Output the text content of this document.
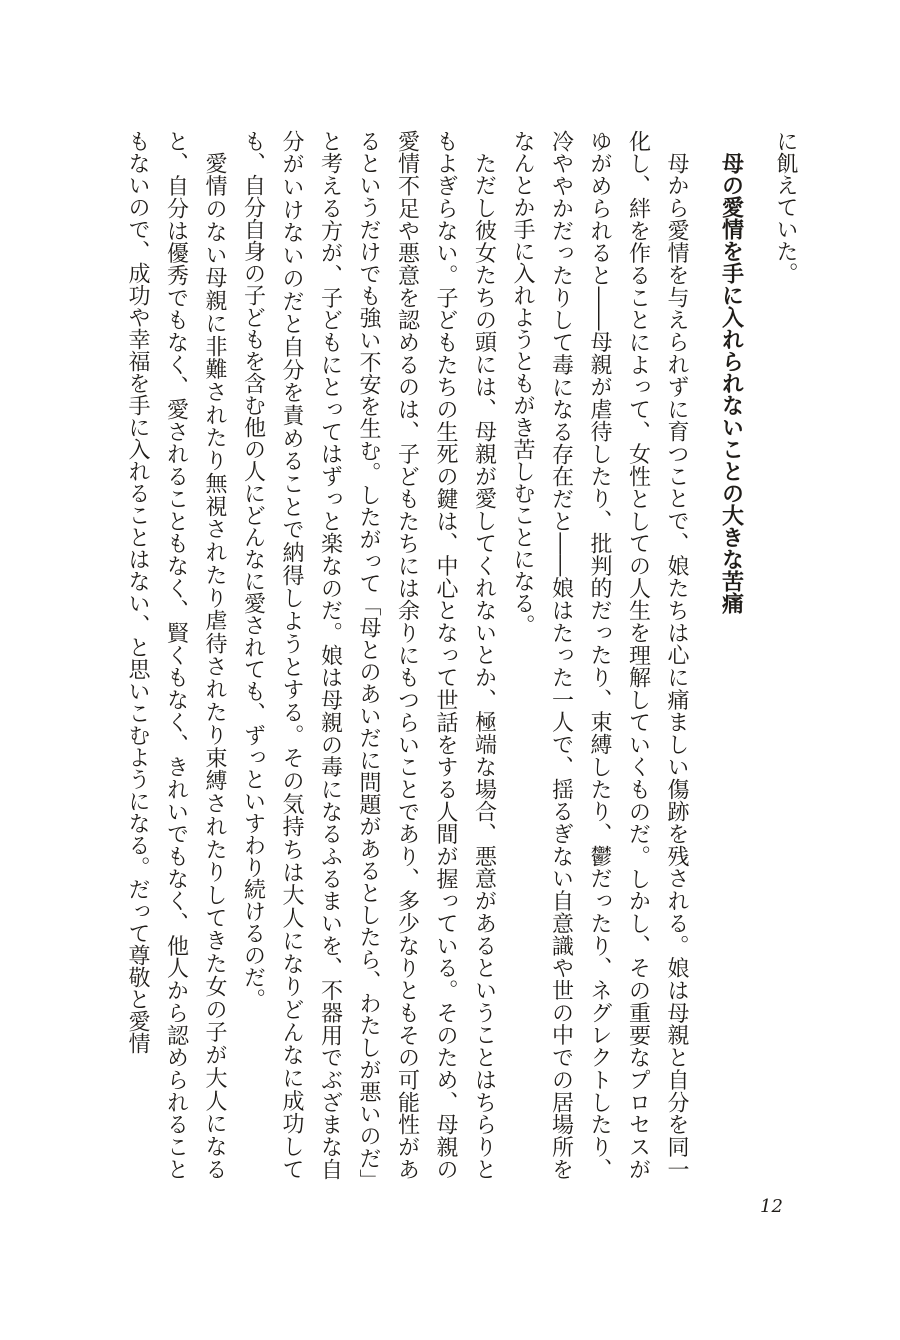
に飢えていた。

母の愛情を手に入れられないことの大きな苦痛

母から愛情を与えられずに育つことで、娘たちは心に痛ましい傷跡を残される。娘は母親と自分を同一化し、絆を作ることによって、女性としての人生を理解していくものだ。しかし、その重要なプロセスがゆがめられると――母親が虐待したり、批判的だったり、束縛したり、鬱だったり、ネグレクトしたり、冷ややかだったりして毒になる存在だと――娘はたった一人で、揺るぎない自意識や世の中での居場所をなんとか手に入れようともがき苦しむことになる。

ただし彼女たちの頭には、母親が愛してくれないとか、極端な場合、悪意があるということはちらりともよぎらない。子どもたちの生死の鍵は、中心となって世話をする人間が握っている。そのため、母親の愛情不足や悪意を認めるのは、子どもたちには余りにもつらいことであり、多少なりともその可能性があるというだけでも強い不安を生む。したがって「母とのあいだに問題があるとしたら、わたしが悪いのだ」と考える方が、子どもにとってはずっと楽なのだ。娘は母親の毒になるふるまいを、不器用でぶざまな自分がいけないのだと自分を責めることで納得しようとする。その気持ちは大人になりどんなに成功しても、自分自身の子どもを含む他の人にどんなに愛されても、ずっといすわり続けるのだ。

愛情のない母親に非難されたり無視されたり虐待されたり束縛されたりしてきた女の子が大人になると、自分は優秀でもなく、愛されることもなく、賢くもなく、きれいでもなく、他人から認められることもないので、成功や幸福を手に入れることはない、と思いこむようになる。だって尊敬と愛情

12
